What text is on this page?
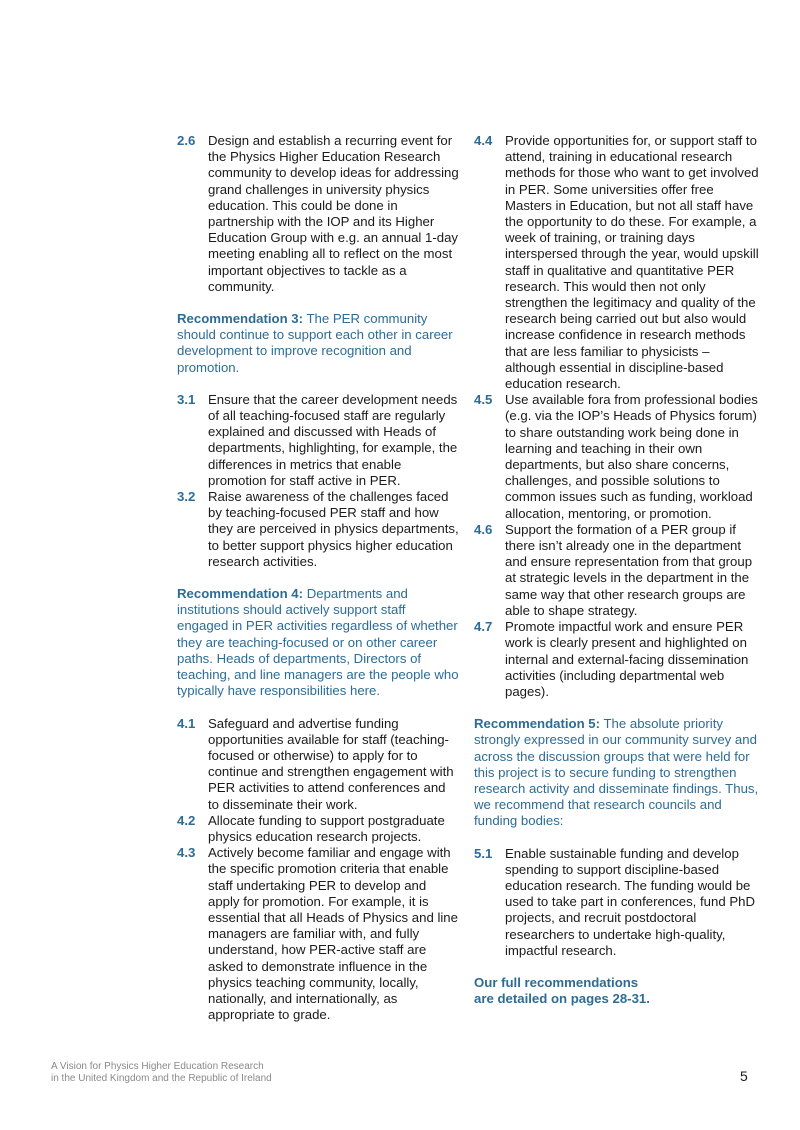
2.6 Design and establish a recurring event for the Physics Higher Education Research community to develop ideas for addressing grand challenges in university physics education. This could be done in partnership with the IOP and its Higher Education Group with e.g. an annual 1-day meeting enabling all to reflect on the most important objectives to tackle as a community.
Recommendation 3: The PER community should continue to support each other in career development to improve recognition and promotion.
3.1 Ensure that the career development needs of all teaching-focused staff are regularly explained and discussed with Heads of departments, highlighting, for example, the differences in metrics that enable promotion for staff active in PER.
3.2 Raise awareness of the challenges faced by teaching-focused PER staff and how they are perceived in physics departments, to better support physics higher education research activities.
Recommendation 4: Departments and institutions should actively support staff engaged in PER activities regardless of whether they are teaching-focused or on other career paths. Heads of departments, Directors of teaching, and line managers are the people who typically have responsibilities here.
4.1 Safeguard and advertise funding opportunities available for staff (teaching-focused or otherwise) to apply for to continue and strengthen engagement with PER activities to attend conferences and to disseminate their work.
4.2 Allocate funding to support postgraduate physics education research projects.
4.3 Actively become familiar and engage with the specific promotion criteria that enable staff undertaking PER to develop and apply for promotion. For example, it is essential that all Heads of Physics and line managers are familiar with, and fully understand, how PER-active staff are asked to demonstrate influence in the physics teaching community, locally, nationally, and internationally, as appropriate to grade.
4.4 Provide opportunities for, or support staff to attend, training in educational research methods for those who want to get involved in PER. Some universities offer free Masters in Education, but not all staff have the opportunity to do these. For example, a week of training, or training days interspersed through the year, would upskill staff in qualitative and quantitative PER research. This would then not only strengthen the legitimacy and quality of the research being carried out but also would increase confidence in research methods that are less familiar to physicists – although essential in discipline-based education research.
4.5 Use available fora from professional bodies (e.g. via the IOP’s Heads of Physics forum) to share outstanding work being done in learning and teaching in their own departments, but also share concerns, challenges, and possible solutions to common issues such as funding, workload allocation, mentoring, or promotion.
4.6 Support the formation of a PER group if there isn’t already one in the department and ensure representation from that group at strategic levels in the department in the same way that other research groups are able to shape strategy.
4.7 Promote impactful work and ensure PER work is clearly present and highlighted on internal and external-facing dissemination activities (including departmental web pages).
Recommendation 5: The absolute priority strongly expressed in our community survey and across the discussion groups that were held for this project is to secure funding to strengthen research activity and disseminate findings. Thus, we recommend that research councils and funding bodies:
5.1 Enable sustainable funding and develop spending to support discipline-based education research. The funding would be used to take part in conferences, fund PhD projects, and recruit postdoctoral researchers to undertake high-quality, impactful research.
Our full recommendations
are detailed on pages 28-31.
A Vision for Physics Higher Education Research
in the United Kingdom and the Republic of Ireland	5
